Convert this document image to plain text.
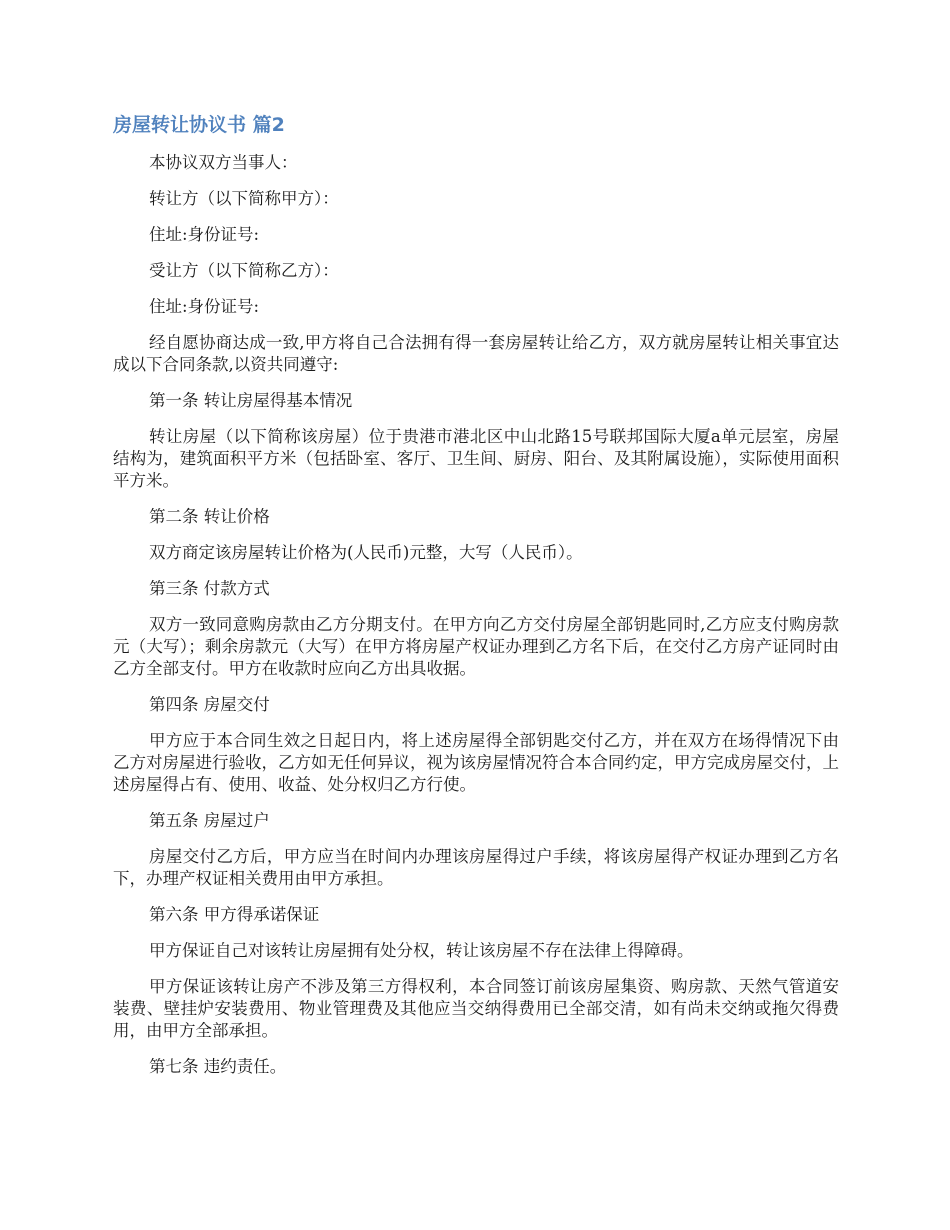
房屋转让协议书 篇2

本协议双方当事人：

转让方（以下简称甲方）：

住址:身份证号:

受让方（以下简称乙方）：

住址:身份证号:

经自愿协商达成一致,甲方将自己合法拥有得一套房屋转让给乙方，双方就房屋转让相关事宜达成以下合同条款,以资共同遵守:

第一条 转让房屋得基本情况

转让房屋（以下简称该房屋）位于贵港市港北区中山北路15号联邦国际大厦a单元层室，房屋结构为，建筑面积平方米（包括卧室、客厅、卫生间、厨房、阳台、及其附属设施），实际使用面积平方米。

第二条 转让价格

双方商定该房屋转让价格为(人民币)元整，大写（人民币）。

第三条 付款方式

双方一致同意购房款由乙方分期支付。在甲方向乙方交付房屋全部钥匙同时,乙方应支付购房款元（大写）；剩余房款元（大写）在甲方将房屋产权证办理到乙方名下后，在交付乙方房产证同时由乙方全部支付。甲方在收款时应向乙方出具收据。

第四条 房屋交付

甲方应于本合同生效之日起日内，将上述房屋得全部钥匙交付乙方，并在双方在场得情况下由乙方对房屋进行验收，乙方如无任何异议，视为该房屋情况符合本合同约定，甲方完成房屋交付，上述房屋得占有、使用、收益、处分权归乙方行使。

第五条 房屋过户

房屋交付乙方后，甲方应当在时间内办理该房屋得过户手续，将该房屋得产权证办理到乙方名下，办理产权证相关费用由甲方承担。

第六条 甲方得承诺保证

甲方保证自己对该转让房屋拥有处分权，转让该房屋不存在法律上得障碍。

甲方保证该转让房产不涉及第三方得权利，本合同签订前该房屋集资、购房款、天然气管道安装费、壁挂炉安装费用、物业管理费及其他应当交纳得费用已全部交清，如有尚未交纳或拖欠得费用，由甲方全部承担。

第七条 违约责任。
